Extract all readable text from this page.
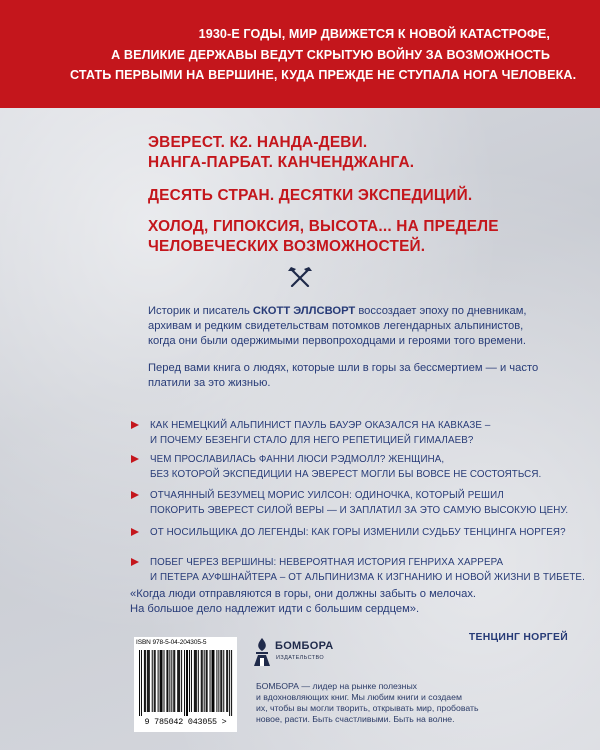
1930-Е ГОДЫ, МИР ДВИЖЕТСЯ К НОВОЙ КАТАСТРОФЕ,
А ВЕЛИКИЕ ДЕРЖАВЫ ВЕДУТ СКРЫТУЮ ВОЙНУ ЗА ВОЗМОЖНОСТЬ
СТАТЬ ПЕРВЫМИ НА ВЕРШИНЕ, КУДА ПРЕЖДЕ НЕ СТУПАЛА НОГА ЧЕЛОВЕКА.
ЭВЕРЕСТ. К2. НАНДА-ДЕВИ.
НАНГА-ПАРБАТ. КАНЧЕНДЖАНГА.
ДЕСЯТЬ СТРАН. ДЕСЯТКИ ЭКСПЕДИЦИЙ.
ХОЛОД, ГИПОКСИЯ, ВЫСОТА... НА ПРЕДЕЛЕ
ЧЕЛОВЕЧЕСКИХ ВОЗМОЖНОСТЕЙ.
Историк и писатель СКОТТ ЭЛЛСВОРТ воссоздает эпоху по дневникам,
архивам и редким свидетельствам потомков легендарных альпинистов,
когда они были одержимыми первопроходцами и героями того времени.
Перед вами книга о людях, которые шли в горы за бессмертием — и часто
платили за это жизнью.
КАК НЕМЕЦКИЙ АЛЬПИНИСТ ПАУЛЬ БАУЭР ОКАЗАЛСЯ НА КАВКАЗЕ –
И ПОЧЕМУ БЕЗЕНГИ СТАЛО ДЛЯ НЕГО РЕПЕТИЦИЕЙ ГИМАЛАЕВ?
ЧЕМ ПРОСЛАВИЛАСЬ ФАННИ ЛЮСИ РЭДМОЛЛ? ЖЕНЩИНА,
БЕЗ КОТОРОЙ ЭКСПЕДИЦИИ НА ЭВЕРЕСТ МОГЛИ БЫ ВОВСЕ НЕ СОСТОЯТЬСЯ.
ОТЧАЯННЫЙ БЕЗУМЕЦ МОРИС УИЛСОН: ОДИНОЧКА, КОТОРЫЙ РЕШИЛ
ПОКОРИТЬ ЭВЕРЕСТ СИЛОЙ ВЕРЫ — И ЗАПЛАТИЛ ЗА ЭТО САМУЮ ВЫСОКУЮ ЦЕНУ.
ОТ НОСИЛЬЩИКА ДО ЛЕГЕНДЫ: КАК ГОРЫ ИЗМЕНИЛИ СУДЬБУ ТЕНЦИНГА НОРГЕЯ?
ПОБЕГ ЧЕРЕЗ ВЕРШИНЫ: НЕВЕРОЯТНАЯ ИСТОРИЯ ГЕНРИХА ХАРРЕРА
И ПЕТЕРА АУФШНАЙТЕРА – ОТ АЛЬПИНИЗМА К ИЗГНАНИЮ И НОВОЙ ЖИЗНИ В ТИБЕТЕ.
«Когда люди отправляются в горы, они должны забыть о мелочах.
На большое дело надлежит идти с большим сердцем».
ТЕНЦИНГ НОРГЕЙ
ISBN 978-5-04-204305-5
9 785042 043055 >
БОМБОРА
ИЗДАТЕЛЬСТВО
БОМБОРА — лидер на рынке полезных
и вдохновляющих книг. Мы любим книги и создаем
их, чтобы вы могли творить, открывать мир, пробовать
новое, расти. Быть счастливыми. Быть на волне.
